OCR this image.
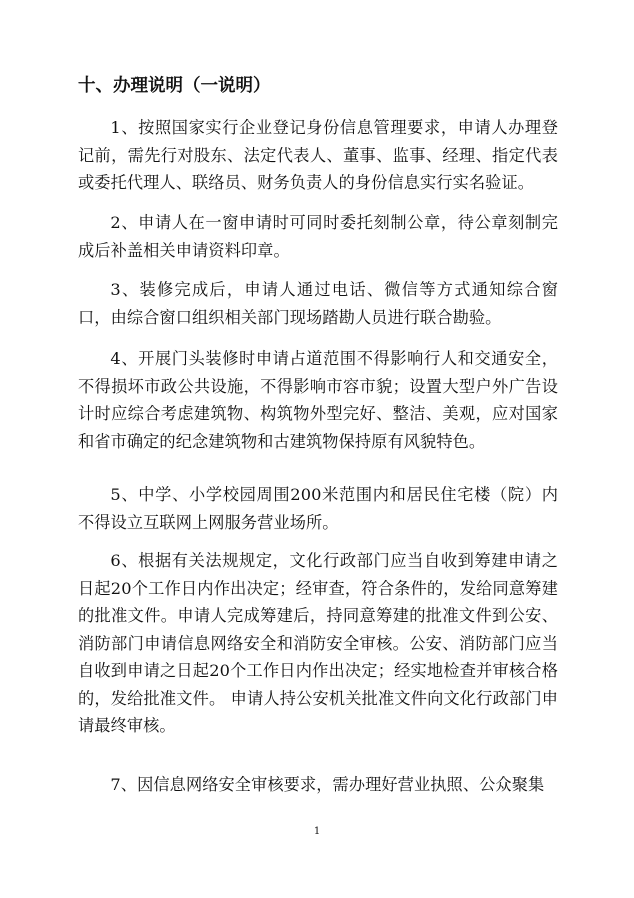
十、办理说明（一说明）

1、按照国家实行企业登记身份信息管理要求，申请人办理登记前，需先行对股东、法定代表人、董事、监事、经理、指定代表或委托代理人、联络员、财务负责人的身份信息实行实名验证。

2、申请人在一窗申请时可同时委托刻制公章，待公章刻制完成后补盖相关申请资料印章。

3、装修完成后，申请人通过电话、微信等方式通知综合窗口，由综合窗口组织相关部门现场踏勘人员进行联合勘验。

4、开展门头装修时申请占道范围不得影响行人和交通安全，不得损坏市政公共设施，不得影响市容市貌；设置大型户外广告设计时应综合考虑建筑物、构筑物外型完好、整洁、美观，应对国家和省市确定的纪念建筑物和古建筑物保持原有风貌特色。

5、中学、小学校园周围200米范围内和居民住宅楼（院）内不得设立互联网上网服务营业场所。

6、根据有关法规规定，文化行政部门应当自收到筹建申请之日起20个工作日内作出决定；经审查，符合条件的，发给同意筹建的批准文件。申请人完成筹建后，持同意筹建的批准文件到公安、消防部门申请信息网络安全和消防安全审核。公安、消防部门应当自收到申请之日起20个工作日内作出决定；经实地检查并审核合格的，发给批准文件。 申请人持公安机关批准文件向文化行政部门申请最终审核。

7、因信息网络安全审核要求，需办理好营业执照、公众聚集

1
